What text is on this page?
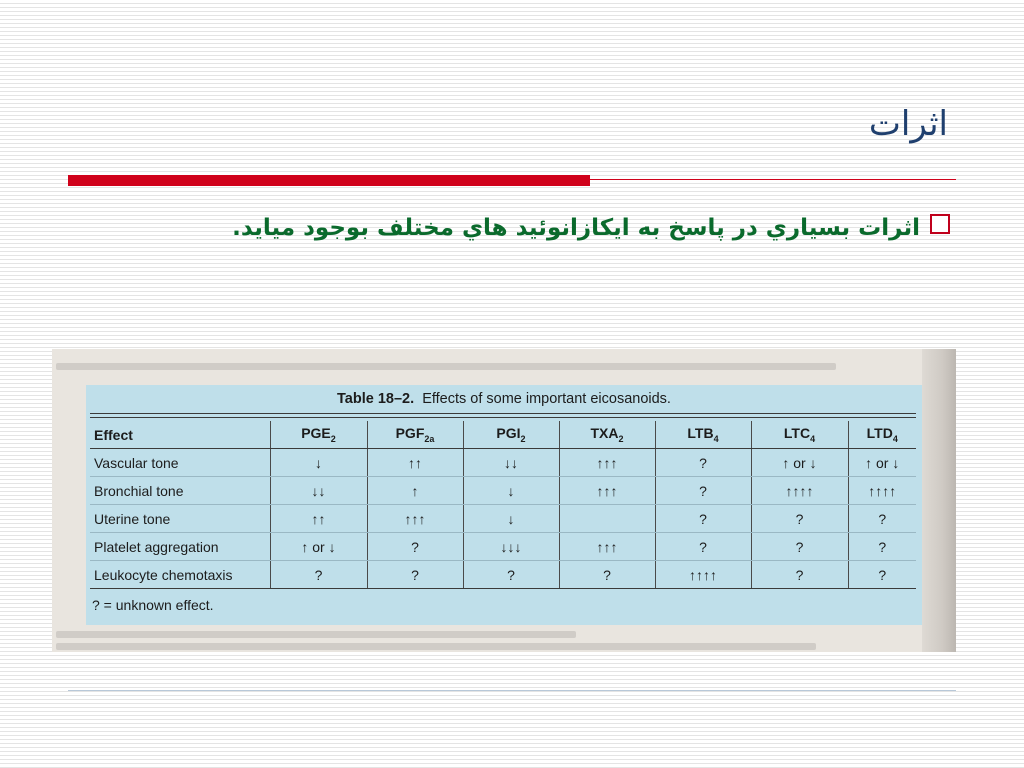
اثرات
اثرات بسياري در پاسخ به ايكازانوئيد هاي مختلف بوجود ميايد.
Table 18–2. Effects of some important eicosanoids.
Effect	$PGE_2$	$PGF_{2a}$	$PGI_2$	$TXA_2$	$LTB_4$	$LTC_4$	$LTD_4$
Vascular tone	↓	↑↑	↓↓	↑↑↑	?	↑ or ↓	↑ or ↓
Bronchial tone	↓↓	↑	↓	↑↑↑	?	↑↑↑↑	↑↑↑↑
Uterine tone	↑↑	↑↑↑	↓		?	?	?
Platelet aggregation	↑ or ↓	?	↓↓↓	↑↑↑	?	?	?
Leukocyte chemotaxis	?	?	?	?	↑↑↑↑	?	?
? = unknown effect.
